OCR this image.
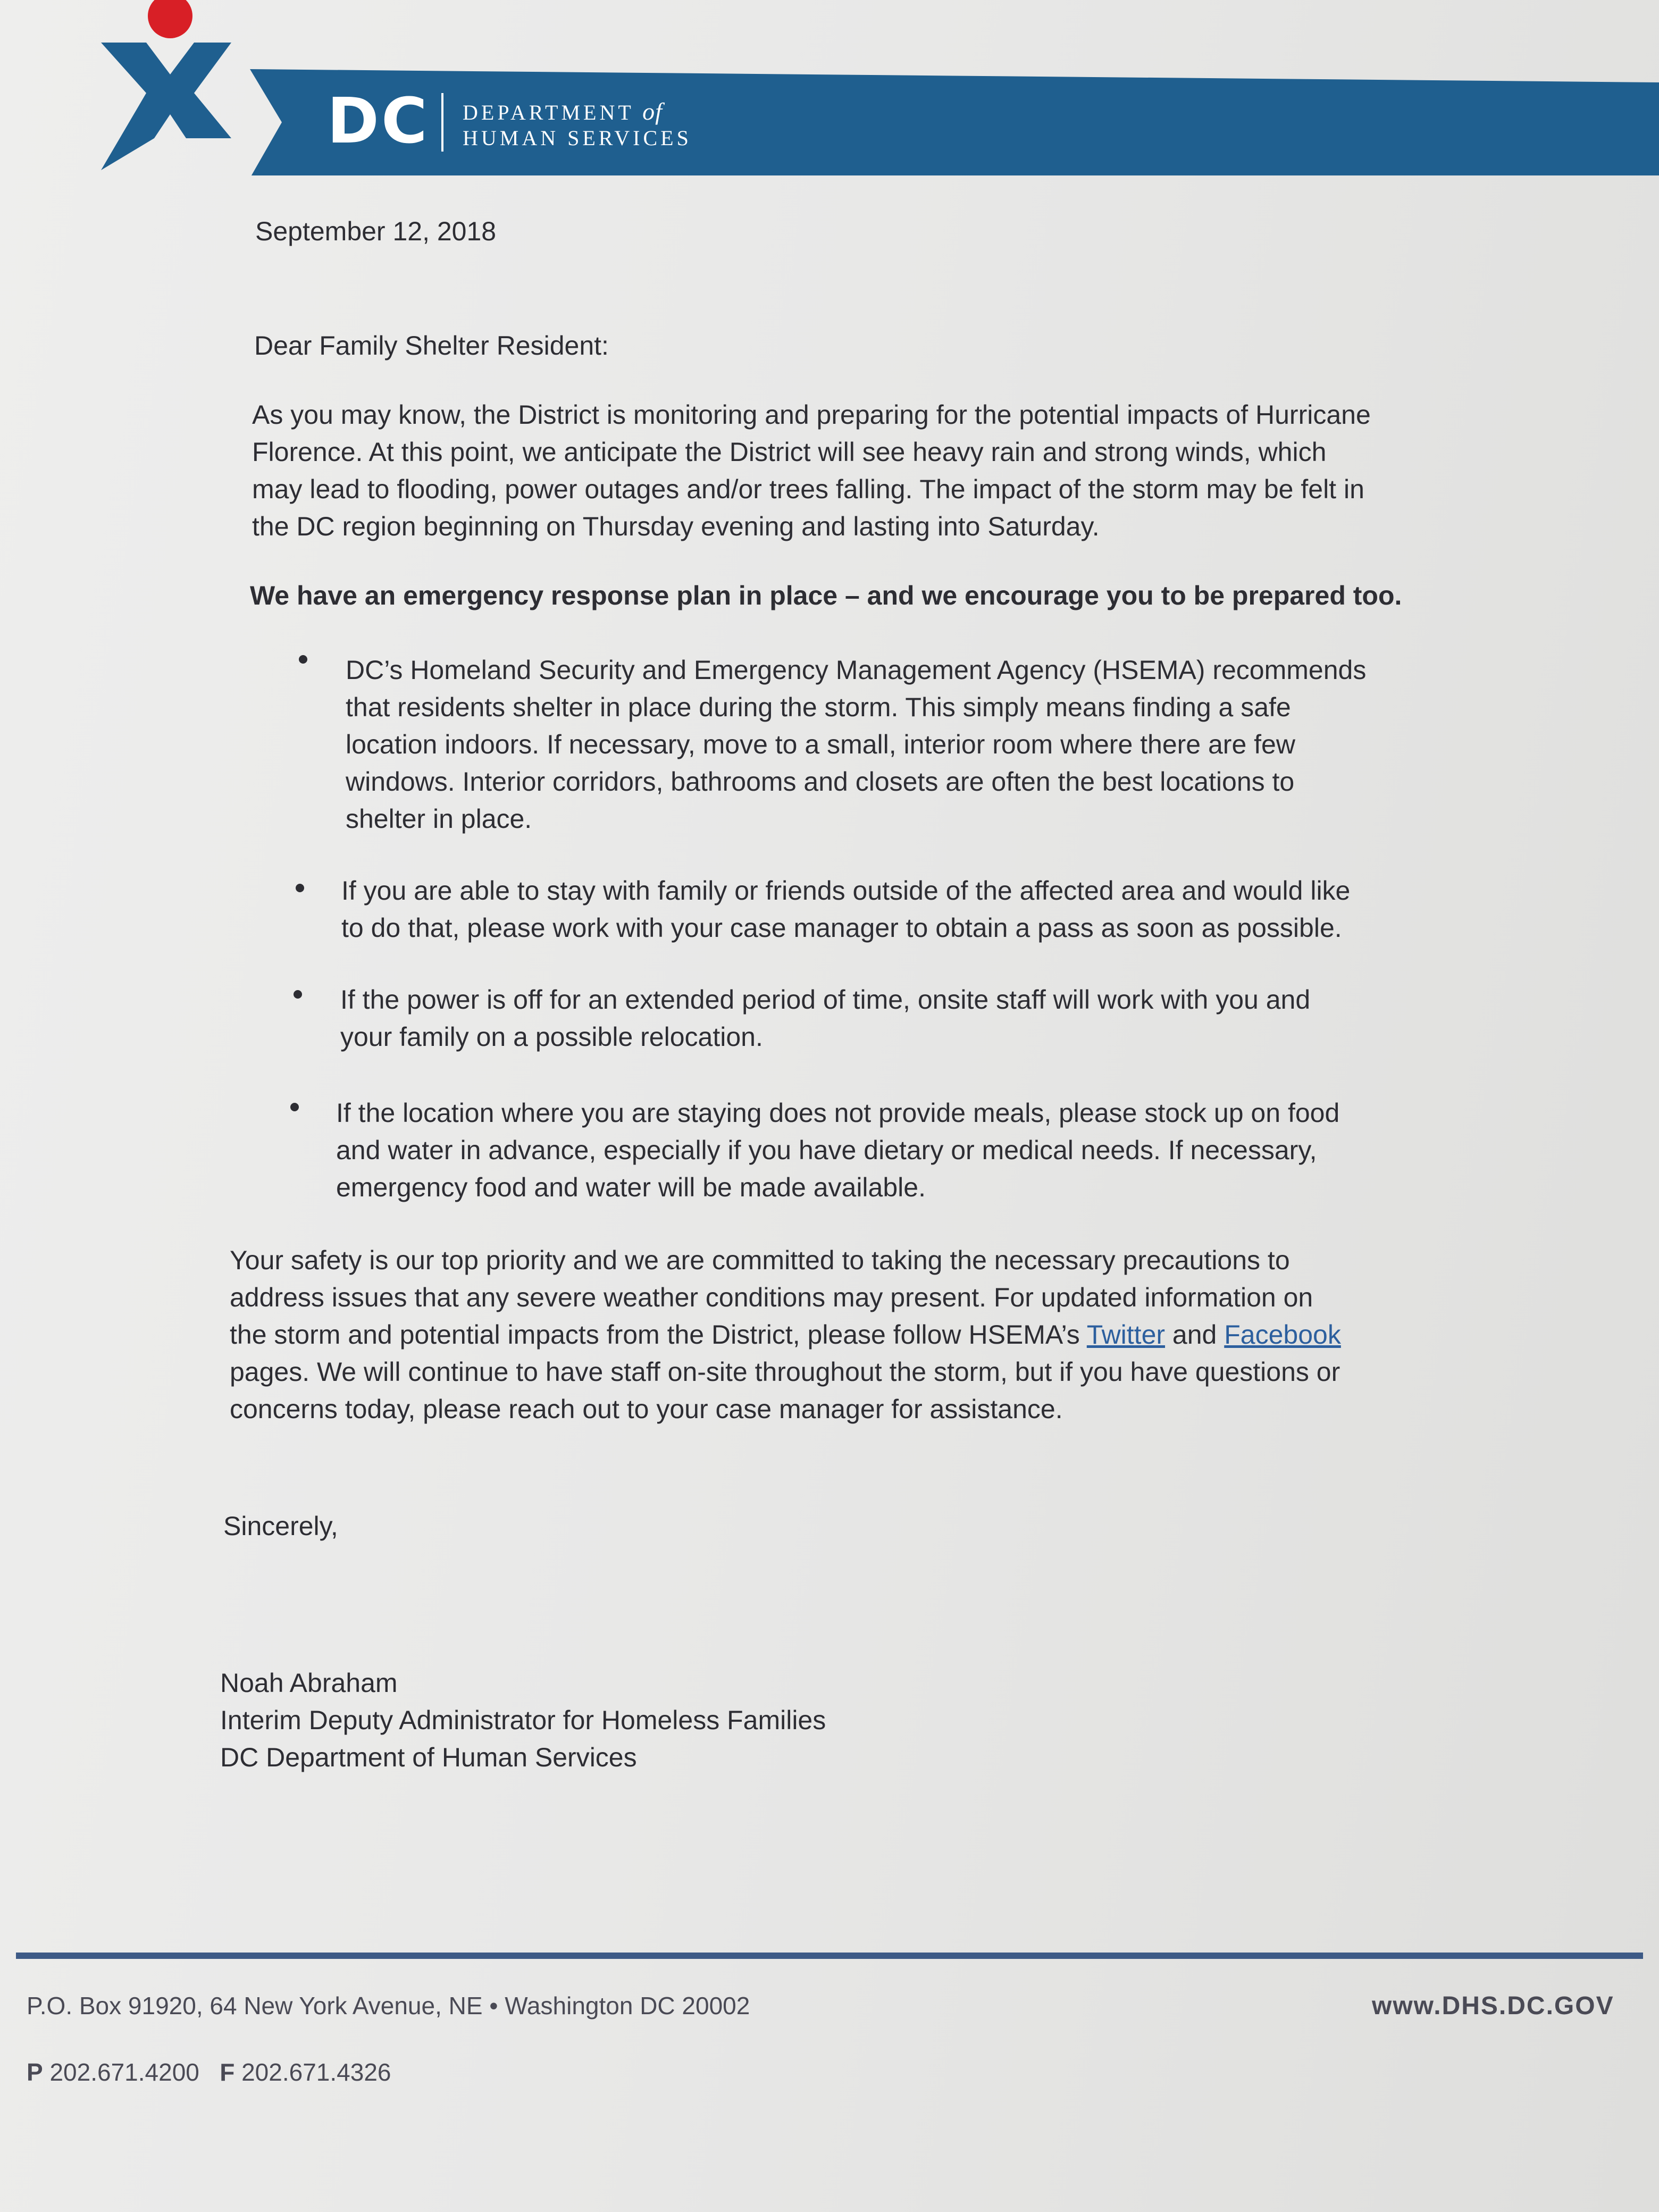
DC DEPARTMENT of
HUMAN SERVICES
September 12, 2018
Dear Family Shelter Resident:
As you may know, the District is monitoring and preparing for the potential impacts of Hurricane
Florence. At this point, we anticipate the District will see heavy rain and strong winds, which
may lead to flooding, power outages and/or trees falling. The impact of the storm may be felt in
the DC region beginning on Thursday evening and lasting into Saturday.
We have an emergency response plan in place – and we encourage you to be prepared too.
DC’s Homeland Security and Emergency Management Agency (HSEMA) recommends
that residents shelter in place during the storm. This simply means finding a safe
location indoors. If necessary, move to a small, interior room where there are few
windows. Interior corridors, bathrooms and closets are often the best locations to
shelter in place.
If you are able to stay with family or friends outside of the affected area and would like
to do that, please work with your case manager to obtain a pass as soon as possible.
If the power is off for an extended period of time, onsite staff will work with you and
your family on a possible relocation.
If the location where you are staying does not provide meals, please stock up on food
and water in advance, especially if you have dietary or medical needs. If necessary,
emergency food and water will be made available.
Your safety is our top priority and we are committed to taking the necessary precautions to
address issues that any severe weather conditions may present. For updated information on
the storm and potential impacts from the District, please follow HSEMA’s Twitter and Facebook
pages. We will continue to have staff on-site throughout the storm, but if you have questions or
concerns today, please reach out to your case manager for assistance.
Sincerely,
Noah Abraham
Interim Deputy Administrator for Homeless Families
DC Department of Human Services
P.O. Box 91920, 64 New York Avenue, NE • Washington DC 20002	www.DHS.DC.GOV
P 202.671.4200 F 202.671.4326
